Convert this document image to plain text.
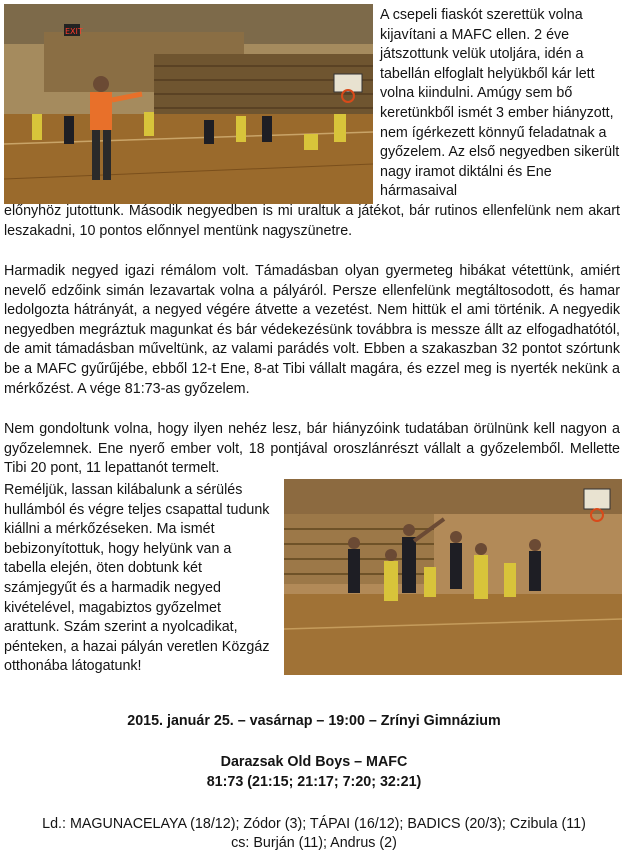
EXIT

A csepeli fiaskót szerettük volna kijavítani a MAFC ellen. 2 éve játszottunk velük utoljára, idén a tabellán elfoglalt helyükből kár lett volna kiindulni. Amúgy sem bő keretünkből ismét 3 ember hiányzott, nem ígérkezett könnyű feladatnak a győzelem. Az első negyedben sikerült nagy iramot diktálni és Ene hármasaival

előnyhöz jutottunk. Második negyedben is mi uraltuk a játékot, bár rutinos ellenfelünk nem akart leszakadni, 10 pontos előnnyel mentünk nagyszünetre.

Harmadik negyed igazi rémálom volt. Támadásban olyan gyermeteg hibákat vétettünk, amiért nevelő edzőink simán lezavartak volna a pályáról. Persze ellenfelünk megtáltosodott, és hamar ledolgozta hátrányát, a negyed végére átvette a vezetést. Nem hittük el ami történik. A negyedik negyedben megráztuk magunkat és bár védekezésünk továbbra is messze állt az elfogadhatótól, de amit támadásban műveltünk, az valami parádés volt. Ebben a szakaszban 32 pontot szórtunk be a MAFC gyűrűjébe, ebből 12-t Ene, 8-at Tibi vállalt magára, és ezzel meg is nyerték nekünk a mérkőzést. A vége 81:73-as győzelem.

Nem gondoltunk volna, hogy ilyen nehéz lesz, bár hiányzóink tudatában örülnünk kell nagyon a győzelemnek. Ene nyerő ember volt, 18 pontjával oroszlánrészt vállalt a győzelemből. Mellette Tibi 20 pont, 11 lepattanót termelt.

Reméljük, lassan kilábalunk a sérülés hullámból és végre teljes csapattal tudunk kiállni a mérkőzéseken. Ma ismét bebizonyítottuk, hogy helyünk van a tabella elején, öten dobtunk két számjegyűt és a harmadik negyed kivételével, magabiztos győzelmet arattunk. Szám szerint a nyolcadikat, pénteken, a hazai pályán veretlen Közgáz otthonába látogatunk!

2015. január 25. – vasárnap – 19:00 – Zrínyi Gimnázium

Darazsak Old Boys – MAFC

81:73 (21:15; 21:17; 7:20; 32:21)

Ld.: MAGUNACELAYA (18/12); Zódor (3); TÁPAI (16/12); BADICS (20/3); Czibula (11)

cs: Burján (11); Andrus (2)
